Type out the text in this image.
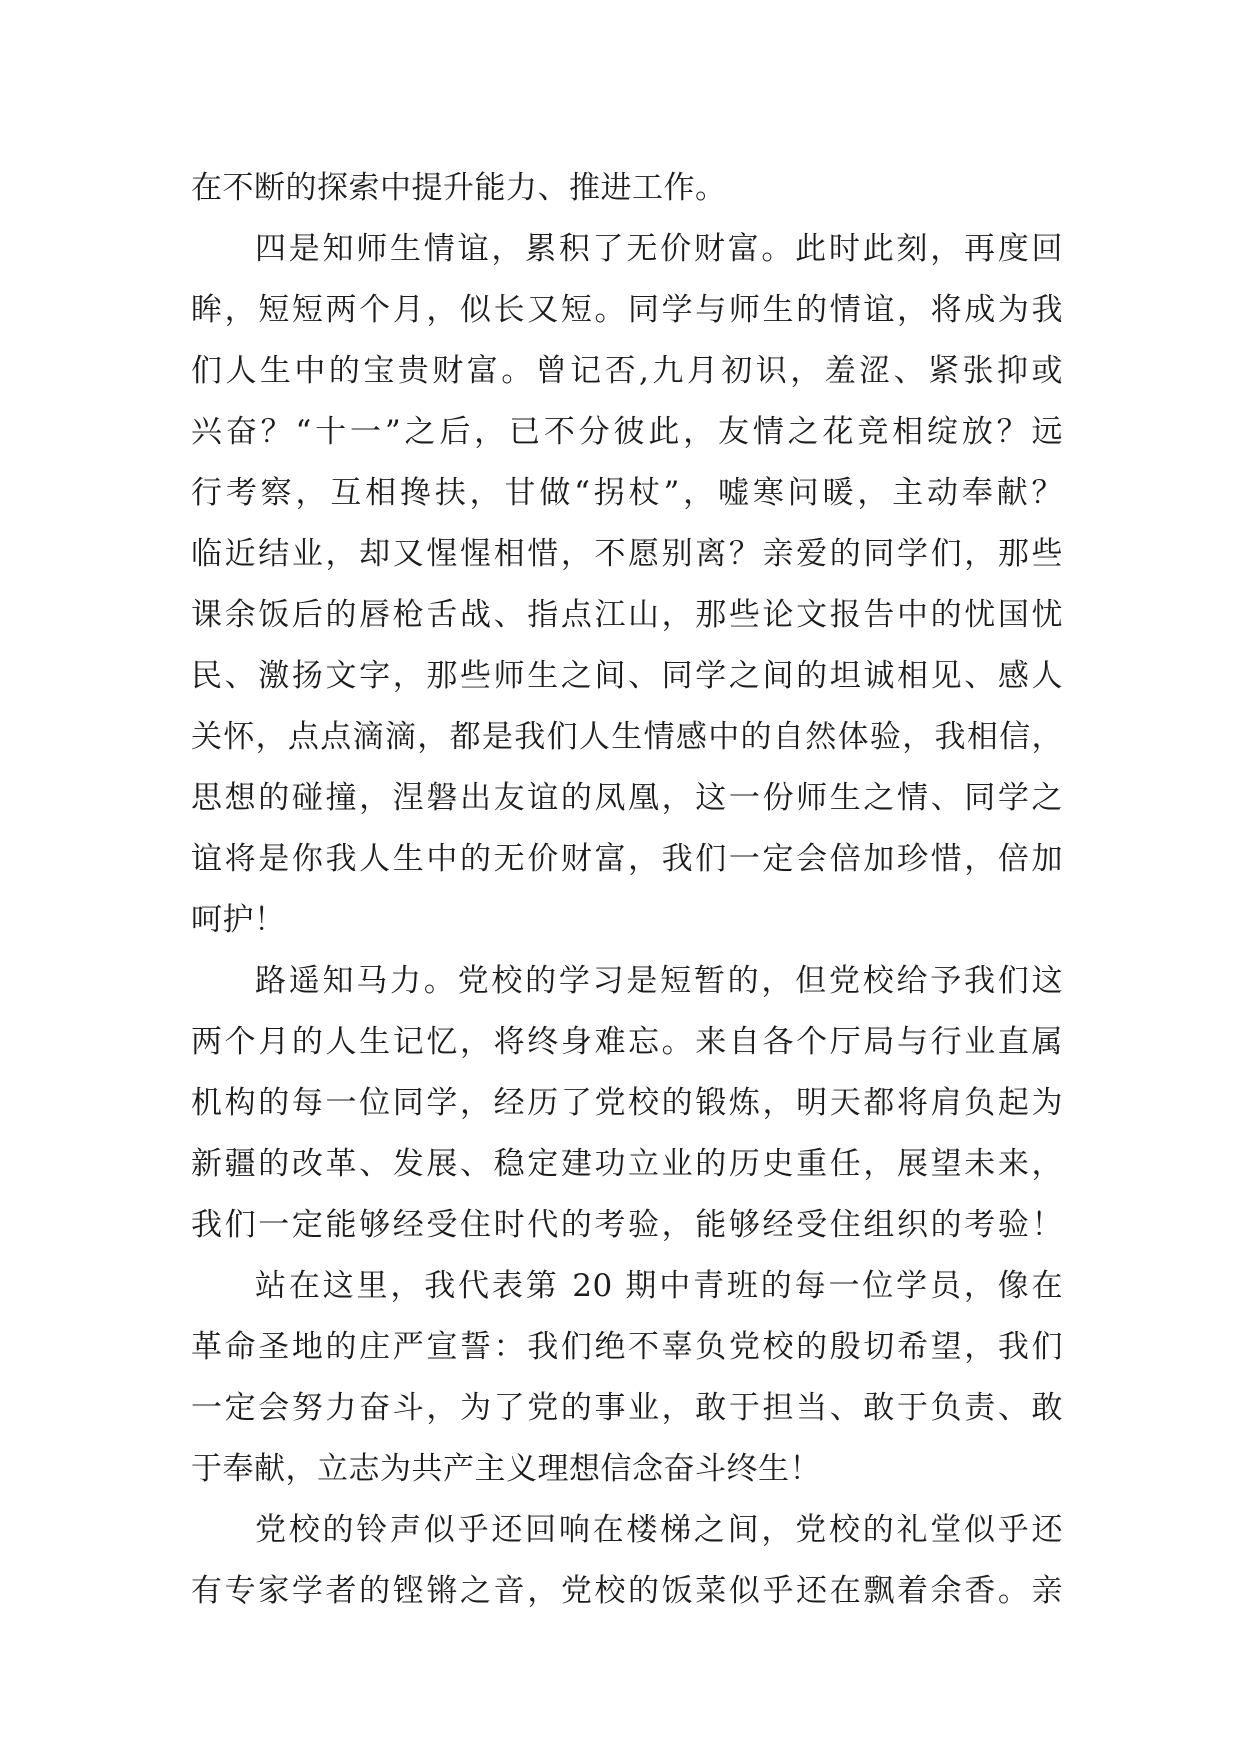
在不断的探索中提升能力、推进工作。
四是知师生情谊，累积了无价财富。此时此刻，再度回
眸，短短两个月，似长又短。同学与师生的情谊，将成为我
们人生中的宝贵财富。曾记否,九月初识，羞涩、紧张抑或
兴奋？“十一”之后，已不分彼此，友情之花竞相绽放？远
行考察，互相搀扶，甘做“拐杖”，嘘寒问暖，主动奉献？
临近结业，却又惺惺相惜，不愿别离？亲爱的同学们，那些
课余饭后的唇枪舌战、指点江山，那些论文报告中的忧国忧
民、激扬文字，那些师生之间、同学之间的坦诚相见、感人
关怀，点点滴滴，都是我们人生情感中的自然体验，我相信，
思想的碰撞，涅磐出友谊的凤凰，这一份师生之情、同学之
谊将是你我人生中的无价财富，我们一定会倍加珍惜，倍加
呵护！
路遥知马力。党校的学习是短暂的，但党校给予我们这
两个月的人生记忆，将终身难忘。来自各个厅局与行业直属
机构的每一位同学，经历了党校的锻炼，明天都将肩负起为
新疆的改革、发展、稳定建功立业的历史重任，展望未来，
我们一定能够经受住时代的考验，能够经受住组织的考验！
站在这里，我代表第 20 期中青班的每一位学员，像在
革命圣地的庄严宣誓：我们绝不辜负党校的殷切希望，我们
一定会努力奋斗，为了党的事业，敢于担当、敢于负责、敢
于奉献，立志为共产主义理想信念奋斗终生！
党校的铃声似乎还回响在楼梯之间，党校的礼堂似乎还
有专家学者的铿锵之音，党校的饭菜似乎还在飘着余香。亲
